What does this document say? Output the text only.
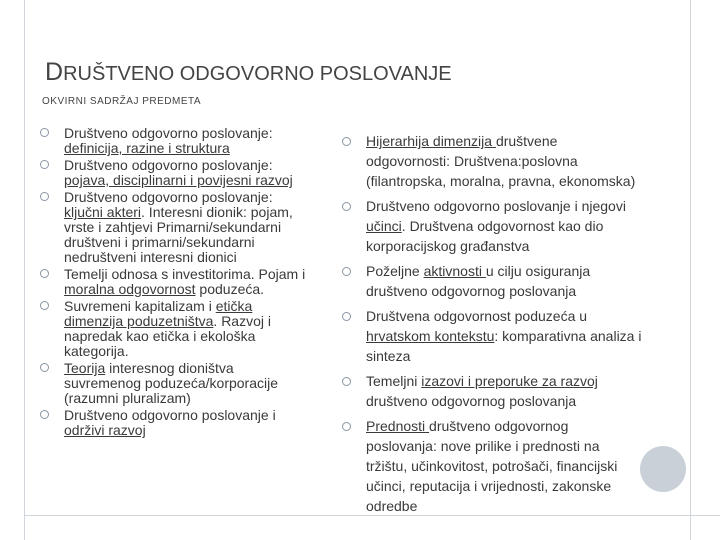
DRUŠTVENO ODGOVORNO POSLOVANJE
OKVIRNI SADRŽAJ PREDMETA
Društveno odgovorno poslovanje: definicija, razine i struktura
Društveno odgovorno poslovanje: pojava, disciplinarni i povijesni razvoj
Društveno odgovorno poslovanje: ključni akteri. Interesni dionik: pojam, vrste i zahtjevi Primarni/sekundarni društveni i primarni/sekundarni nedruštveni interesni dionici
Temelji odnosa s investitorima. Pojam i moralna odgovornost poduzeća.
Suvremeni kapitalizam i etička dimenzija poduzetništva. Razvoj i napredak kao etička i ekološka kategorija.
Teorija interesnog dioništva suvremenog poduzeća/korporacije (razumni pluralizam)
Društveno odgovorno poslovanje i održivi razvoj
Hijerarhija dimenzija društvene odgovornosti: Društvena:poslovna (filantropska, moralna, pravna, ekonomska)
Društveno odgovorno poslovanje i njegovi učinci. Društvena odgovornost kao dio korporacijskog građanstva
Poželjne aktivnosti u cilju osiguranja društveno odgovornog poslovanja
Društvena odgovornost poduzeća u hrvatskom kontekstu: komparativna analiza i sinteza
Temeljni izazovi i preporuke za razvoj društveno odgovornog poslovanja
Prednosti društveno odgovornog poslovanja: nove prilike i prednosti na tržištu, učinkovitost, potrošači, financijski učinci, reputacija i vrijednosti, zakonske odredbe
